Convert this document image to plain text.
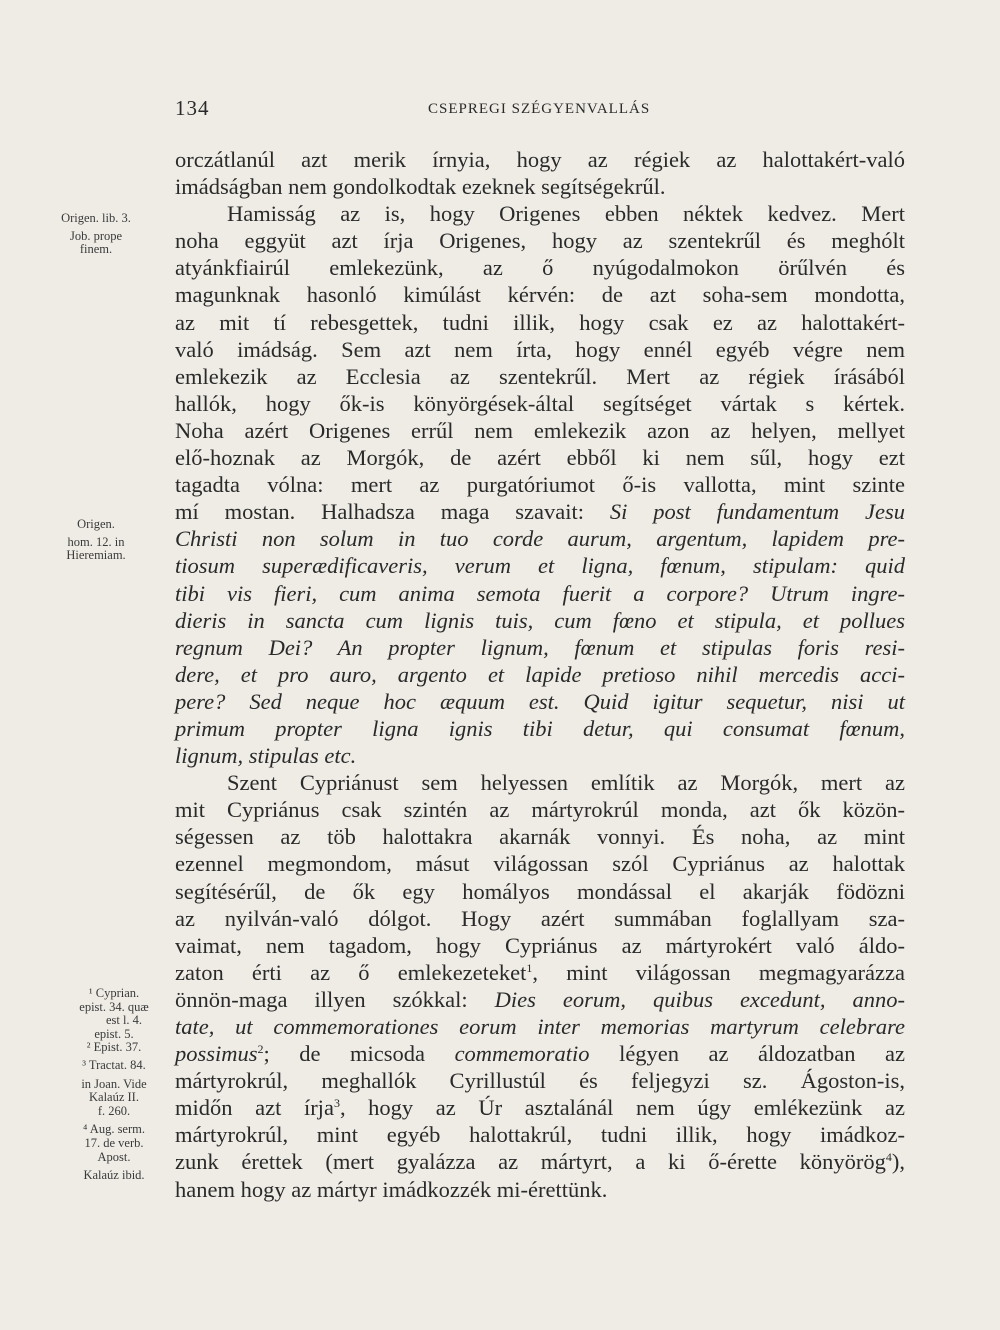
134	CSEPREGI SZÉGYENVALLÁS
Origen. lib. 3.
Job. prope
finem.
Origen.
hom. 12. in
Hieremiam.
¹ Cyprian.
epist. 34. quæ
est l. 4.
epist. 5.
² Epist. 37.
³ Tractat. 84.
in Joan. Vide
Kalaúz II.
f. 260.
⁴ Aug. serm.
17. de verb.
Apost.
Kalaúz ibid.
orczátlanúl azt merik írnyia, hogy az régiek az halottakért-való
imádságban nem gondolkodtak ezeknek segítségekrűl.
Hamisság az is, hogy Origenes ebben néktek kedvez. Mert
noha eggyüt azt írja Origenes, hogy az szentekrűl és meghólt
atyánkfiairúl emlekezünk, az ő nyúgodalmokon örűlvén és
magunknak hasonló kimúlást kérvén: de azt soha-sem mondotta,
az mit tí rebesgettek, tudni illik, hogy csak ez az halottakért-
való imádság. Sem azt nem írta, hogy ennél egyéb végre nem
emlekezik az Ecclesia az szentekrűl. Mert az régiek írásából
hallók, hogy ők-is könyörgések-által segítséget vártak s kértek.
Noha azért Origenes errűl nem emlekezik azon az helyen, mellyet
elő-hoznak az Morgók, de azért ebből ki nem sűl, hogy ezt
tagadta vólna: mert az purgatóriumot ő-is vallotta, mint szinte
mí mostan. Halhadsza maga szavait: Si post fundamentum Jesu
Christi non solum in tuo corde aurum, argentum, lapidem pre-
tiosum superædificaveris, verum et ligna, fœnum, stipulam: quid
tibi vis fieri, cum anima semota fuerit a corpore? Utrum ingre-
dieris in sancta cum lignis tuis, cum fœno et stipula, et pollues
regnum Dei? An propter lignum, fœnum et stipulas foris resi-
dere, et pro auro, argento et lapide pretioso nihil mercedis acci-
pere? Sed neque hoc æquum est. Quid igitur sequetur, nisi ut
primum propter ligna ignis tibi detur, qui consumat fœnum,
lignum, stipulas etc.
Szent Cypriánust sem helyessen említik az Morgók, mert az
mit Cypriánus csak szintén az mártyrokrúl monda, azt ők közön-
ségessen az töb halottakra akarnák vonnyi. És noha, az mint
ezennel megmondom, másut világossan szól Cypriánus az halottak
segítésérűl, de ők egy homályos mondással el akarják födözni
az nyilván-való dólgot. Hogy azért summában foglallyam sza-
vaimat, nem tagadom, hogy Cypriánus az mártyrokért való áldo-
zaton érti az ő emlekezeteket$^1$, mint világossan megmagyarázza
önnön-maga illyen szókkal: Dies eorum, quibus excedunt, anno-
tate, ut commemorationes eorum inter memorias martyrum celebrare
possimus$^2$; de micsoda commemoratio légyen az áldozatban az
mártyrokrúl, meghallók Cyrillustúl és feljegyzi sz. Ágoston-is,
midőn azt írja$^3$, hogy az Úr asztalánál nem úgy emlékezünk az
mártyrokrúl, mint egyéb halottakrúl, tudni illik, hogy imádkoz-
zunk érettek (mert gyalázza az mártyrt, a ki ő-érette könyörög$^4$),
hanem hogy az mártyr imádkozzék mi-érettünk.
